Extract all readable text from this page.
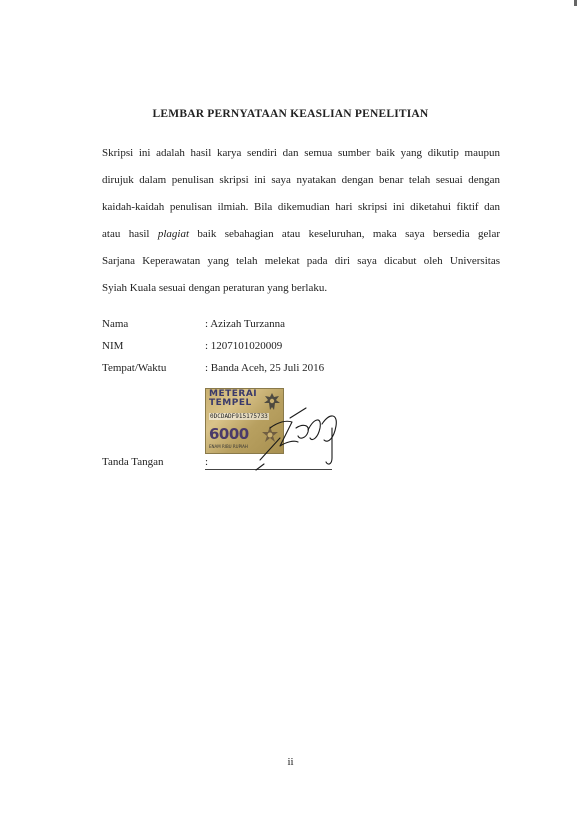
LEMBAR PERNYATAAN KEASLIAN PENELITIAN
Skripsi ini adalah hasil karya sendiri dan semua sumber baik yang dikutip maupun
dirujuk dalam penulisan skripsi ini saya nyatakan dengan benar telah sesuai dengan
kaidah-kaidah penulisan ilmiah. Bila dikemudian hari skripsi ini diketahui fiktif dan
atau hasil plagiat baik sebahagian atau keseluruhan, maka saya bersedia gelar
Sarjana Keperawatan yang telah melekat pada diri saya dicabut oleh Universitas
Syiah Kuala sesuai dengan peraturan yang berlaku.
Nama	: Azizah Turzanna
NIM	: 1207101020009
Tempat/Waktu	: Banda Aceh, 25 Juli 2016
Tanda Tangan	:
METERAI
TEMPEL
0DCDADF915175733
6000
ENAM RIBU RUPIAH
ii
